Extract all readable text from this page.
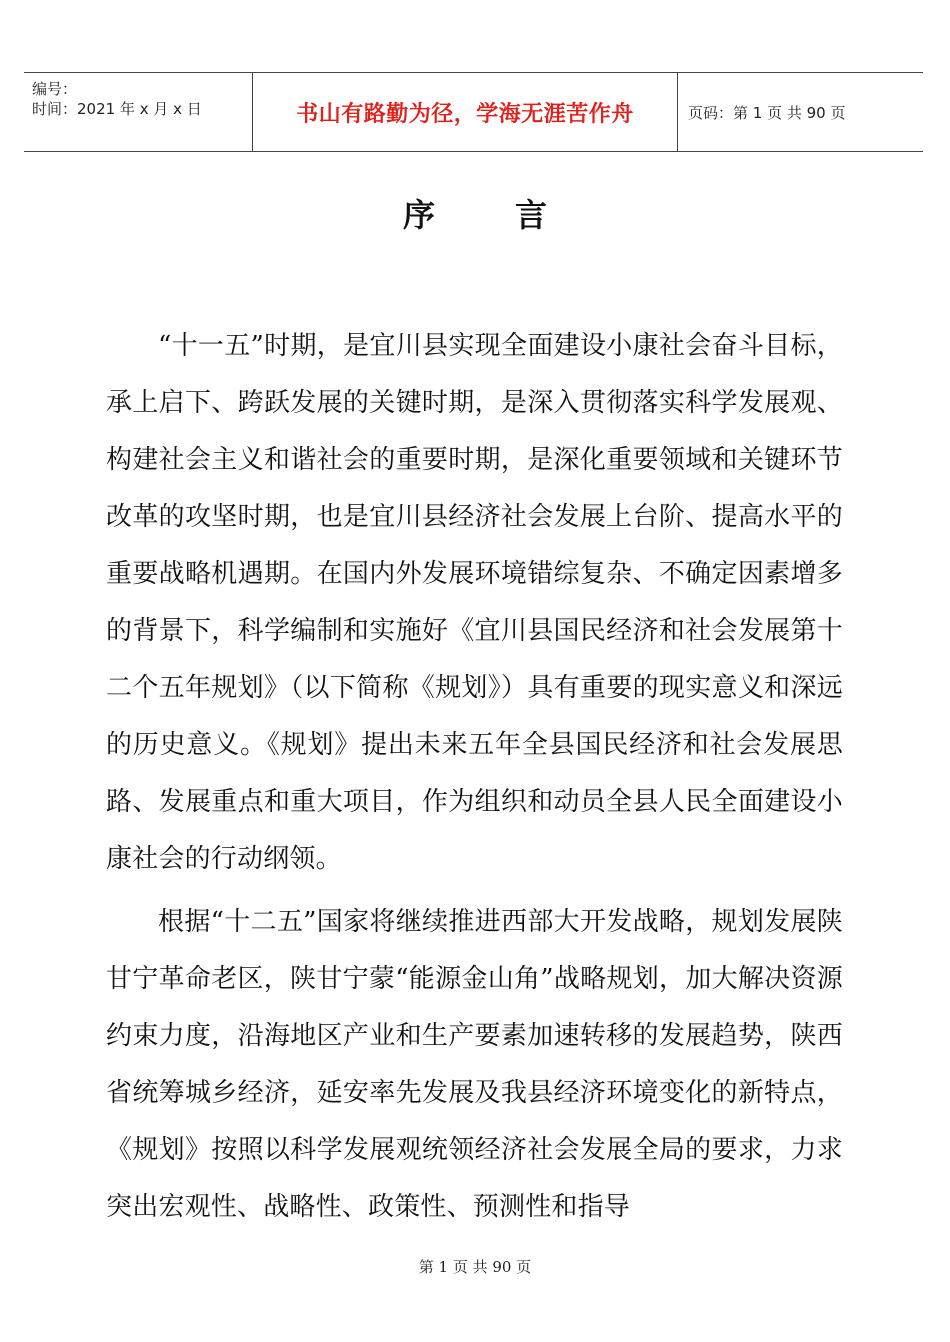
编号：
时间：2021 年 x 月 x 日	书山有路勤为径，学海无涯苦作舟	页码：第 1 页 共 90 页
序言

“十一五”时期，是宜川县实现全面建设小康社会奋斗目标，承上启下、跨跃发展的关键时期，是深入贯彻落实科学发展观、构建社会主义和谐社会的重要时期，是深化重要领域和关键环节改革的攻坚时期，也是宜川县经济社会发展上台阶、提高水平的重要战略机遇期。在国内外发展环境错综复杂、不确定因素增多的背景下，科学编制和实施好《宜川县国民经济和社会发展第十二个五年规划》（以下简称《规划》）具有重要的现实意义和深远的历史意义。《规划》提出未来五年全县国民经济和社会发展思路、发展重点和重大项目，作为组织和动员全县人民全面建设小康社会的行动纲领。

根据“十二五”国家将继续推进西部大开发战略，规划发展陕甘宁革命老区，陕甘宁蒙“能源金山角”战略规划，加大解决资源约束力度，沿海地区产业和生产要素加速转移的发展趋势，陕西省统筹城乡经济，延安率先发展及我县经济环境变化的新特点，《规划》按照以科学发展观统领经济社会发展全局的要求，力求突出宏观性、战略性、政策性、预测性和指导

第 1 页 共 90 页
